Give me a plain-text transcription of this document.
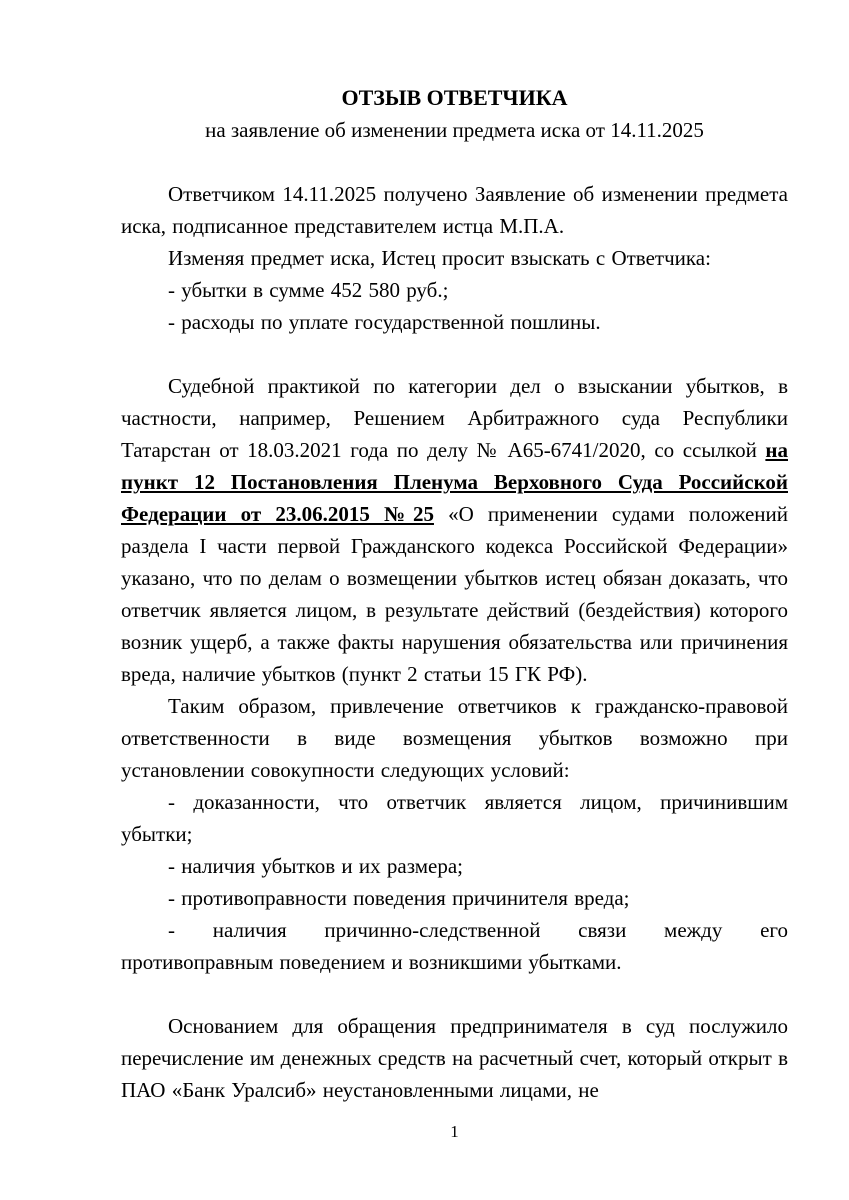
ОТЗЫВ ОТВЕТЧИКА
на заявление об изменении предмета иска от 14.11.2025

Ответчиком 14.11.2025 получено Заявление об изменении предмета иска, подписанное представителем истца М.П.А.

Изменяя предмет иска, Истец просит взыскать с Ответчика:

- убытки в сумме 452 580 руб.;

- расходы по уплате государственной пошлины.

Судебной практикой по категории дел о взыскании убытков, в частности, например, Решением Арбитражного суда Республики Татарстан от 18.03.2021 года по делу № А65-6741/2020, со ссылкой на пункт 12 Постановления Пленума Верховного Суда Российской Федерации от 23.06.2015 №25 «О применении судами положений раздела I части первой Гражданского кодекса Российской Федерации» указано, что по делам о возмещении убытков истец обязан доказать, что ответчик является лицом, в результате действий (бездействия) которого возник ущерб, а также факты нарушения обязательства или причинения вреда, наличие убытков (пункт 2 статьи 15 ГК РФ).

Таким образом, привлечение ответчиков к гражданско-правовой ответственности в виде возмещения убытков возможно при установлении совокупности следующих условий:

- доказанности, что ответчик является лицом, причинившим убытки;

- наличия убытков и их размера;

- противоправности поведения причинителя вреда;

- наличия причинно-следственной связи между его противоправным поведением и возникшими убытками.

Основанием для обращения предпринимателя в суд послужило перечисление им денежных средств на расчетный счет, который открыт в ПАО «Банк Уралсиб» неустановленными лицами, не

1
